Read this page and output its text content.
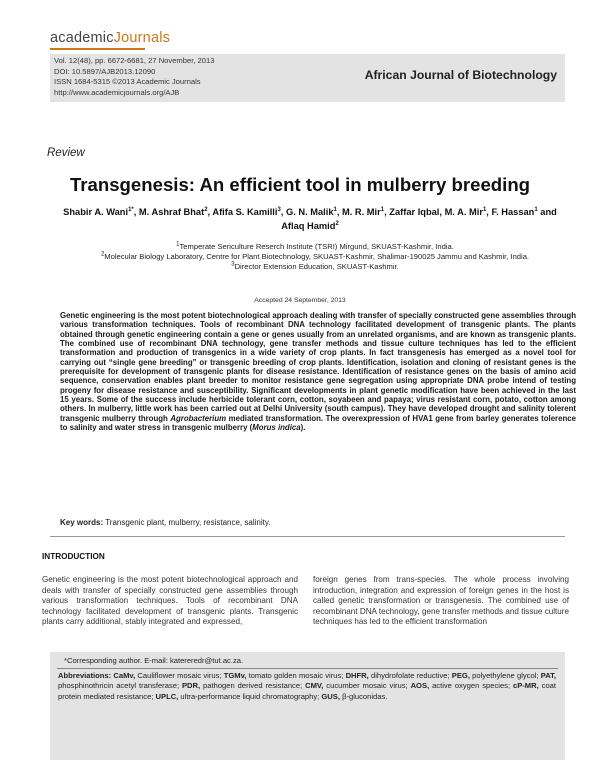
academicJournals
Vol. 12(48), pp. 6672-6681, 27 November, 2013
DOI: 10.5897/AJB2013.12090
ISSN 1684-5315 ©2013 Academic Journals
http://www.academicjournals.org/AJB
African Journal of Biotechnology
Review
Transgenesis: An efficient tool in mulberry breeding
Shabir A. Wani$^{1*}$, M. Ashraf Bhat$^2$, Afifa S. Kamilli$^3$, G. N. Malik$^1$, M. R. Mir$^1$, Zaffar Iqbal, M. A. Mir$^1$, F. Hassan$^1$ and Aflaq Hamid$^2$
$^1$Temperate Sericulture Reserch Institute (TSRI) Mirgund, SKUAST-Kashmir, India.
$^2$Molecular Biology Laboratory, Centre for Plant Biotechnology, SKUAST-Kashmir, Shalimar-190025 Jammu and Kashmir, India.
$^3$Director Extension Education, SKUAST-Kashmir.
Accepted 24 September, 2013
Genetic engineering is the most potent biotechnological approach dealing with transfer of specially constructed gene assemblies through various transformation techniques. Tools of recombinant DNA technology facilitated development of transgenic plants. The plants obtained through genetic engineering contain a gene or genes usually from an unrelated organisms, and are known as transgenic plants. The combined use of recombinant DNA technology, gene transfer methods and tissue culture techniques has led to the efficient transformation and production of transgenics in a wide variety of crop plants. In fact transgenesis has emerged as a novel tool for carrying out “single gene breeding” or transgenic breeding of crop plants. Identification, isolation and cloning of resistant genes is the prerequisite for development of transgenic plants for disease resistance. Identification of resistance genes on the basis of amino acid sequence, conservation enables plant breeder to monitor resistance gene segregation using appropriate DNA probe intend of testing progeny for disease resistance and susceptibility. Significant developments in plant genetic modification have been achieved in the last 15 years. Some of the success include herbicide tolerant corn, cotton, soyabeen and papaya; virus resistant corn, potato, cotton among others. In mulberry, little work has been carried out at Delhi University (south campus). They have developed drought and salinity tolerent transgenic mulberry through Agrobacterium mediated transformation. The overexpression of HVA1 gene from barley generates tolerence to salinity and water stress in transgenic mulberry (Morus indica).
Key words: Transgenic plant, mulberry, resistance, salinity.
INTRODUCTION
Genetic engineering is the most potent biotechnological approach and deals with transfer of specially constructed gene assemblies through various transformation techniques. Tools of recombinant DNA technology facilitated development of transgenic plants. Transgenic plants carry additional, stably integrated and expressed,
foreign genes from trans-species. The whole process involving introduction, integration and expression of foreign genes in the host is called genetic transformation or transgenesis. The combined use of recombinant DNA technology, gene transfer methods and tissue culture techniques has led to the efficient transformation
*Corresponding author. E-mail: katereredr@tut.ac.za.
Abbreviations: CaMv, Cauliflower mosaic virus; TGMv, tomato golden mosaic virus; DHFR, dihydrofolate reductive; PEG, polyethylene glycol; PAT, phosphinothricin acetyl transferase; PDR, pathogen derived resistance; CMV, cucumber mosaic virus; AOS, active oxygen species; cP-MR, coat protein mediated resistance; UPLC, ultra-performance liquid chromatography; GUS, β-gluconidas.
